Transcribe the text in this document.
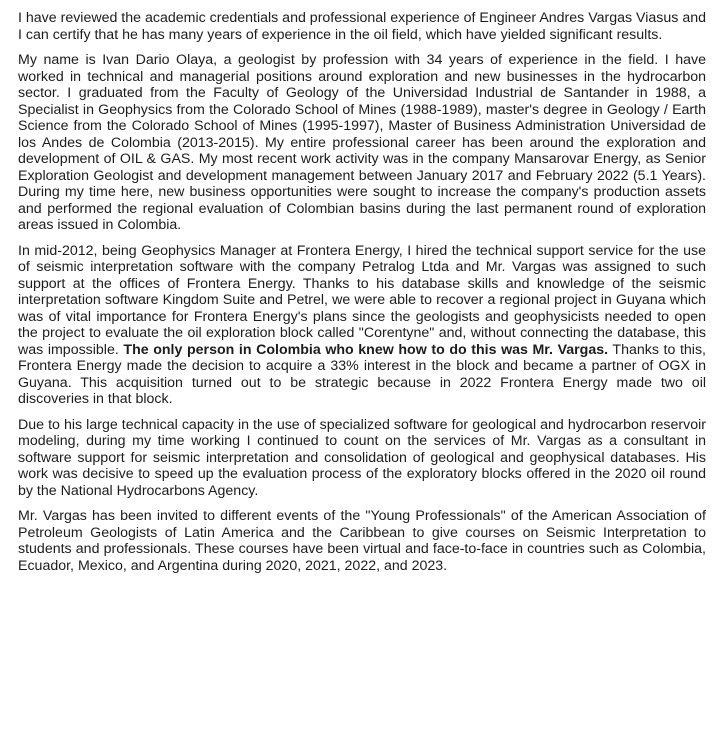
I have reviewed the academic credentials and professional experience of Engineer Andres Vargas Viasus and I can certify that he has many years of experience in the oil field, which have yielded significant results.

My name is Ivan Dario Olaya, a geologist by profession with 34 years of experience in the field. I have worked in technical and managerial positions around exploration and new businesses in the hydrocarbon sector. I graduated from the Faculty of Geology of the Universidad Industrial de Santander in 1988, a Specialist in Geophysics from the Colorado School of Mines (1988-1989), master's degree in Geology / Earth Science from the Colorado School of Mines (1995-1997), Master of Business Administration Universidad de los Andes de Colombia (2013-2015). My entire professional career has been around the exploration and development of OIL & GAS. My most recent work activity was in the company Mansarovar Energy, as Senior Exploration Geologist and development management between January 2017 and February 2022 (5.1 Years). During my time here, new business opportunities were sought to increase the company's production assets and performed the regional evaluation of Colombian basins during the last permanent round of exploration areas issued in Colombia.

In mid-2012, being Geophysics Manager at Frontera Energy, I hired the technical support service for the use of seismic interpretation software with the company Petralog Ltda and Mr. Vargas was assigned to such support at the offices of Frontera Energy. Thanks to his database skills and knowledge of the seismic interpretation software Kingdom Suite and Petrel, we were able to recover a regional project in Guyana which was of vital importance for Frontera Energy's plans since the geologists and geophysicists needed to open the project to evaluate the oil exploration block called "Corentyne" and, without connecting the database, this was impossible. The only person in Colombia who knew how to do this was Mr. Vargas. Thanks to this, Frontera Energy made the decision to acquire a 33% interest in the block and became a partner of OGX in Guyana. This acquisition turned out to be strategic because in 2022 Frontera Energy made two oil discoveries in that block.

Due to his large technical capacity in the use of specialized software for geological and hydrocarbon reservoir modeling, during my time working I continued to count on the services of Mr. Vargas as a consultant in software support for seismic interpretation and consolidation of geological and geophysical databases. His work was decisive to speed up the evaluation process of the exploratory blocks offered in the 2020 oil round by the National Hydrocarbons Agency.

Mr. Vargas has been invited to different events of the "Young Professionals" of the American Association of Petroleum Geologists of Latin America and the Caribbean to give courses on Seismic Interpretation to students and professionals. These courses have been virtual and face-to-face in countries such as Colombia, Ecuador, Mexico, and Argentina during 2020, 2021, 2022, and 2023.
